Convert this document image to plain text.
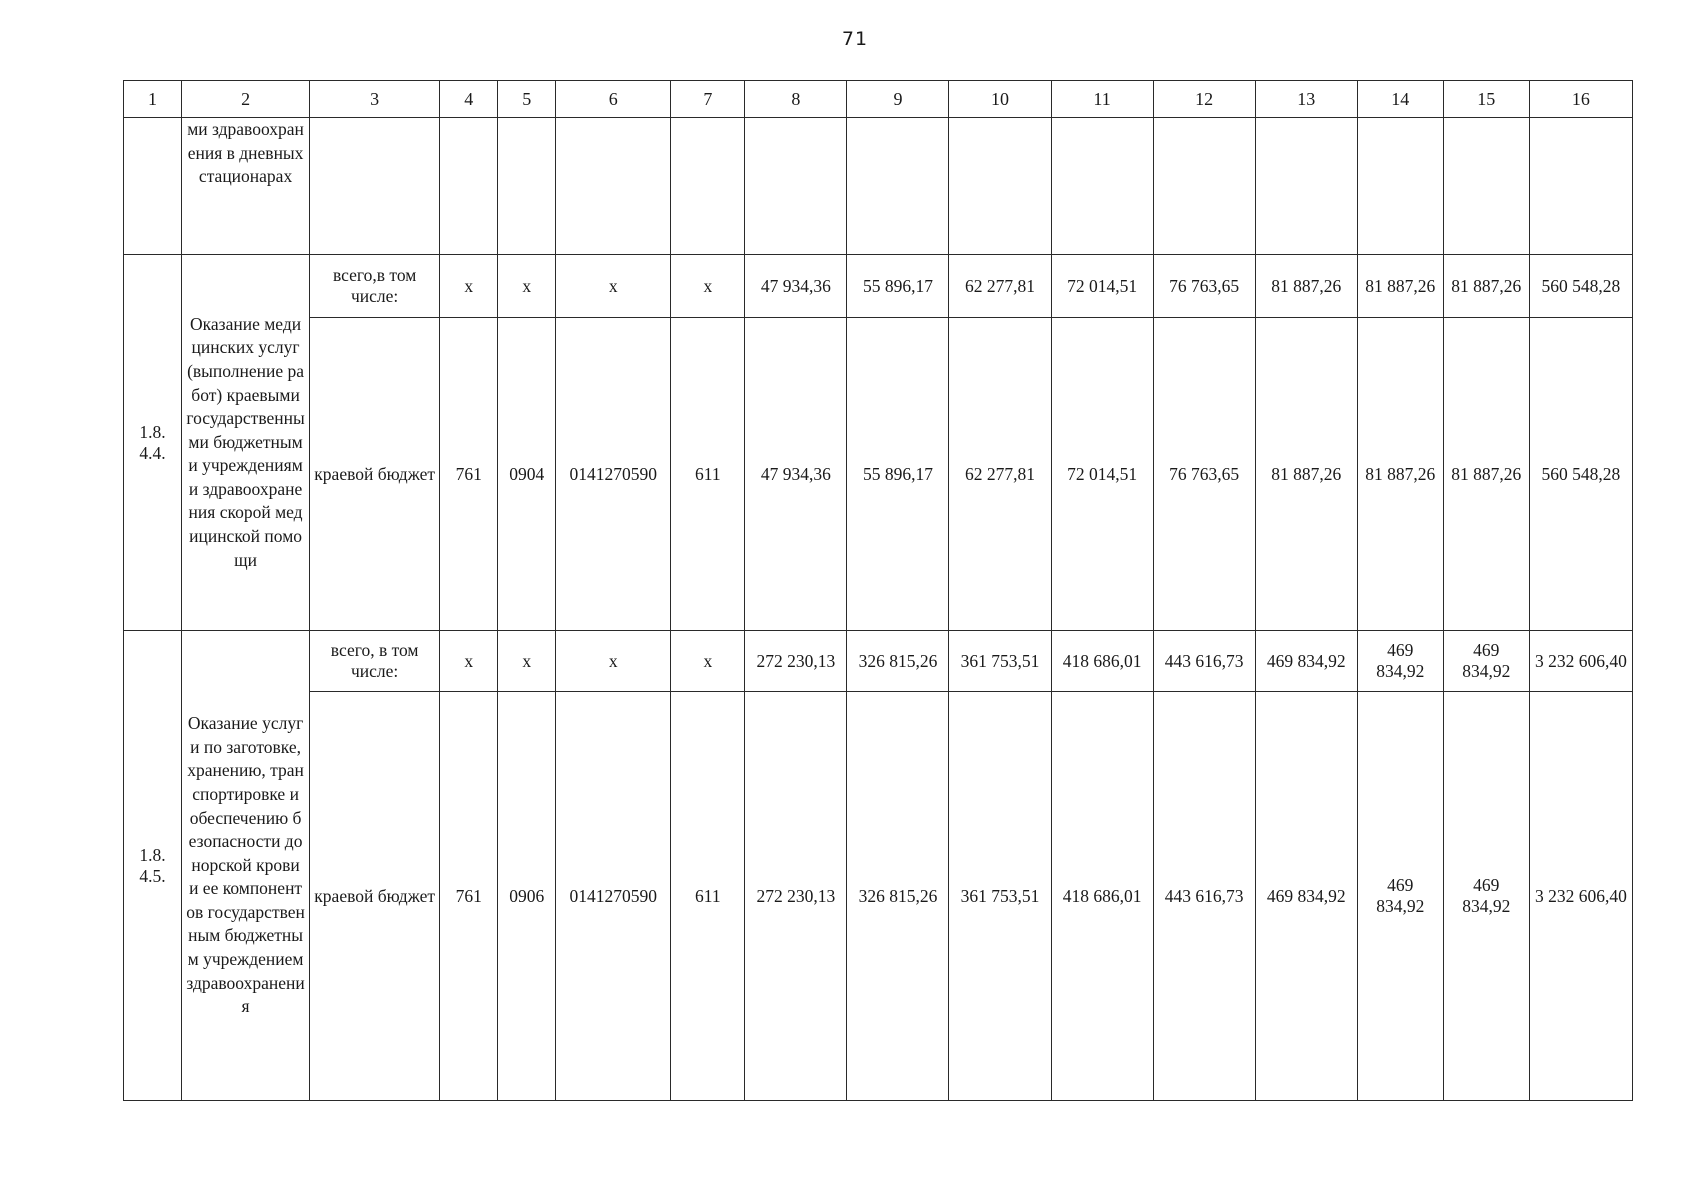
71
1	2	3	4	5	6	7	8	9	10	11	12	13	14	15	16
	ми здравоохранения в дневных стационарах														
1.8. 4.4.	Оказание медицинских услуг (выполнение работ) краевыми государственными бюджетными учреждениями здравоохранения скорой медицинской помощи	всего,в том числе:	х	х	х	х	47 934,36	55 896,17	62 277,81	72 014,51	76 763,65	81 887,26	81 887,26	81 887,26	560 548,28
		краевой бюджет	761	0904	0141270590	611	47 934,36	55 896,17	62 277,81	72 014,51	76 763,65	81 887,26	81 887,26	81 887,26	560 548,28
1.8. 4.5.	Оказание услуги по заготовке, хранению, транспортировке и обеспечению безопасности донорской крови и ее компонентов государственным бюджетным учреждением здравоохранения	всего, в том числе:	х	х	х	х	272 230,13	326 815,26	361 753,51	418 686,01	443 616,73	469 834,92	469 834,92	469 834,92	3 232 606,40
		краевой бюджет	761	0906	0141270590	611	272 230,13	326 815,26	361 753,51	418 686,01	443 616,73	469 834,92	469 834,92	469 834,92	3 232 606,40
